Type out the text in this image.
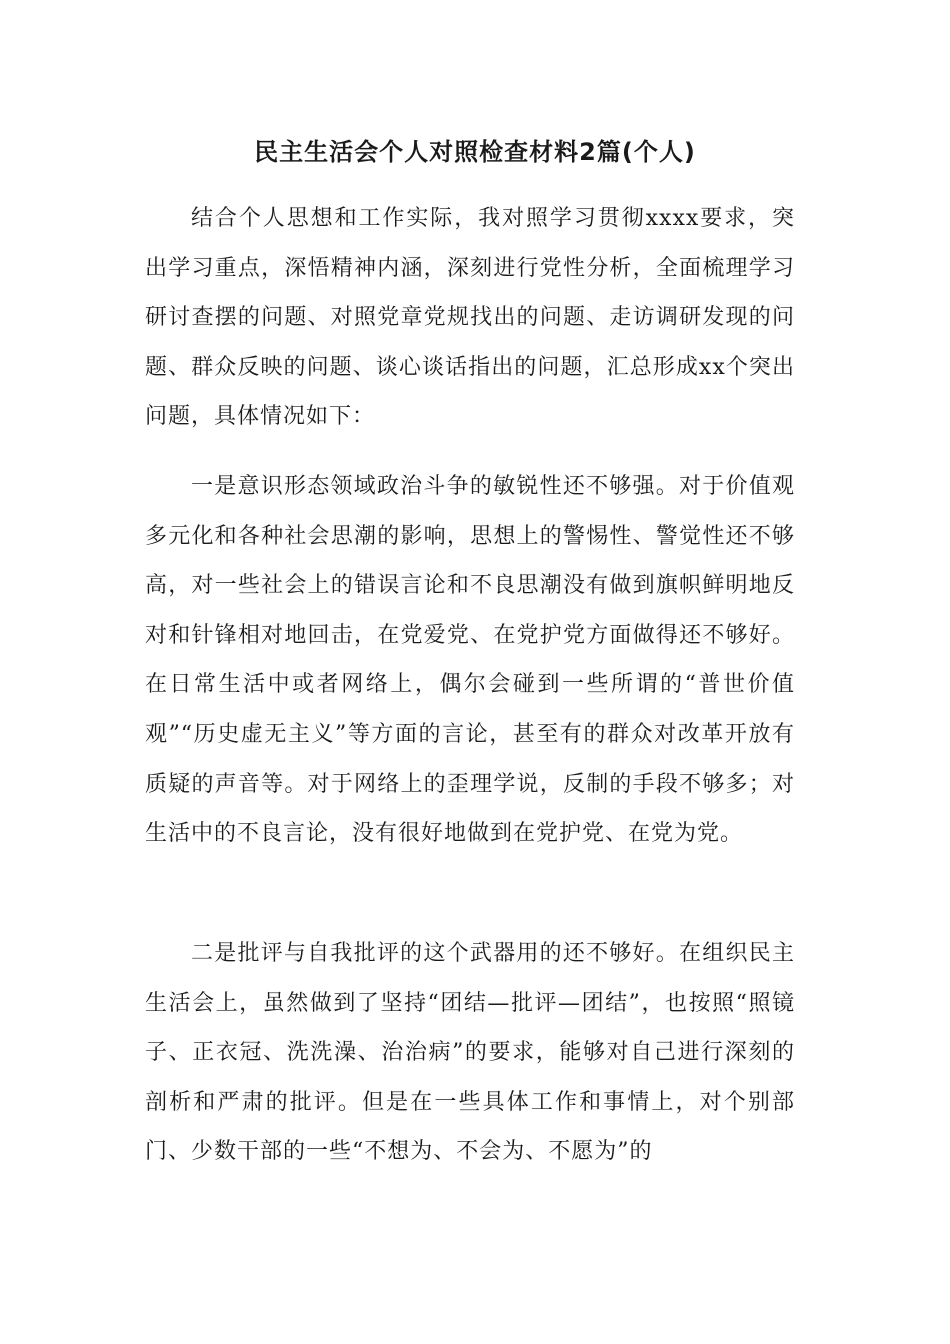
民主生活会个人对照检查材料2篇(个人)

结合个人思想和工作实际，我对照学习贯彻xxxx要求，突出学习重点，深悟精神内涵，深刻进行党性分析，全面梳理学习研讨查摆的问题、对照党章党规找出的问题、走访调研发现的问题、群众反映的问题、谈心谈话指出的问题，汇总形成xx个突出问题，具体情况如下：

一是意识形态领域政治斗争的敏锐性还不够强。对于价值观多元化和各种社会思潮的影响，思想上的警惕性、警觉性还不够高，对一些社会上的错误言论和不良思潮没有做到旗帜鲜明地反对和针锋相对地回击，在党爱党、在党护党方面做得还不够好。在日常生活中或者网络上，偶尔会碰到一些所谓的“普世价值观”“历史虚无主义”等方面的言论，甚至有的群众对改革开放有质疑的声音等。对于网络上的歪理学说，反制的手段不够多；对生活中的不良言论，没有很好地做到在党护党、在党为党。

二是批评与自我批评的这个武器用的还不够好。在组织民主生活会上，虽然做到了坚持“团结—批评—团结”，也按照“照镜子、正衣冠、洗洗澡、治治病”的要求，能够对自己进行深刻的剖析和严肃的批评。但是在一些具体工作和事情上，对个别部门、少数干部的一些“不想为、不会为、不愿为”的
